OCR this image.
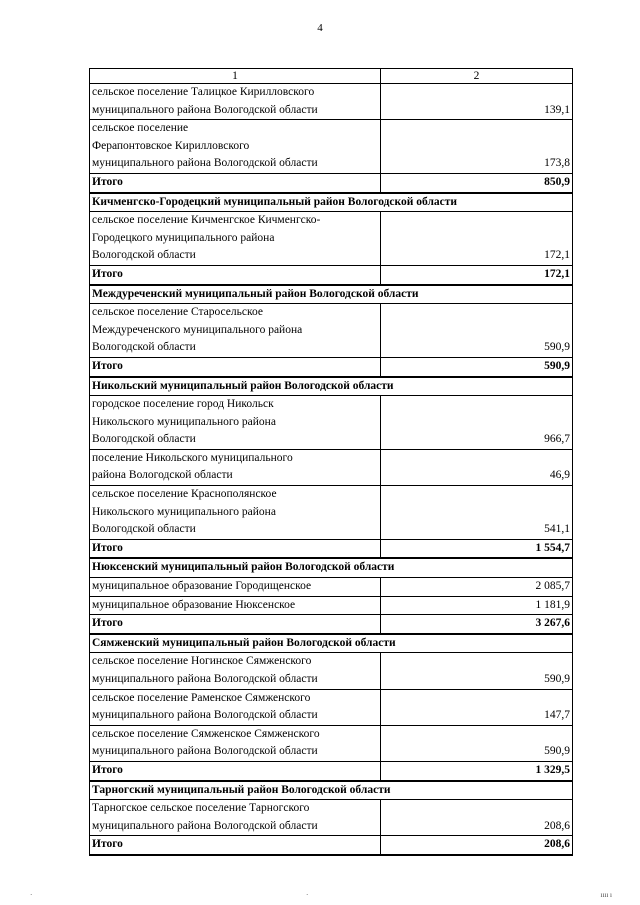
4
1	2
сельское поселение Талицкое Кирилловского
муниципального района Вологодской области	139,1
сельское поселение
Ферапонтовское Кирилловского
муниципального района Вологодской области	173,8
Итого	850,9
Кичменгско-Городецкий муниципальный район Вологодской области	
сельское поселение Кичменгское Кичменгско-
Городецкого муниципального района
Вологодской области	172,1
Итого	172,1
Междуреченский муниципальный район Вологодской области	
сельское поселение Старосельское
Междуреченского муниципального района
Вологодской области	590,9
Итого	590,9
Никольский муниципальный район Вологодской области	
городское поселение город Никольск
Никольского муниципального района
Вологодской области	966,7
поселение Никольского муниципального
района Вологодской области	46,9
сельское поселение Краснополянское
Никольского муниципального района
Вологодской области	541,1
Итого	1 554,7
Нюксенский муниципальный район Вологодской области	
муниципальное образование Городищенское	2 085,7
муниципальное образование Нюксенское	1 181,9
Итого	3 267,6
Сямженский муниципальный район Вологодской области	
сельское поселение Ногинское Сямженского
муниципального района Вологодской области	590,9
сельское поселение Раменское Сямженского
муниципального района Вологодской области	147,7
сельское поселение Сямженское Сямженского
муниципального района Вологодской области	590,9
Итого	1 329,5
Тарногский муниципальный район Вологодской области	
Тарногское сельское поселение Тарногского
муниципального района Вологодской области	208,6
Итого	208,6
·	·	ıııı ı
